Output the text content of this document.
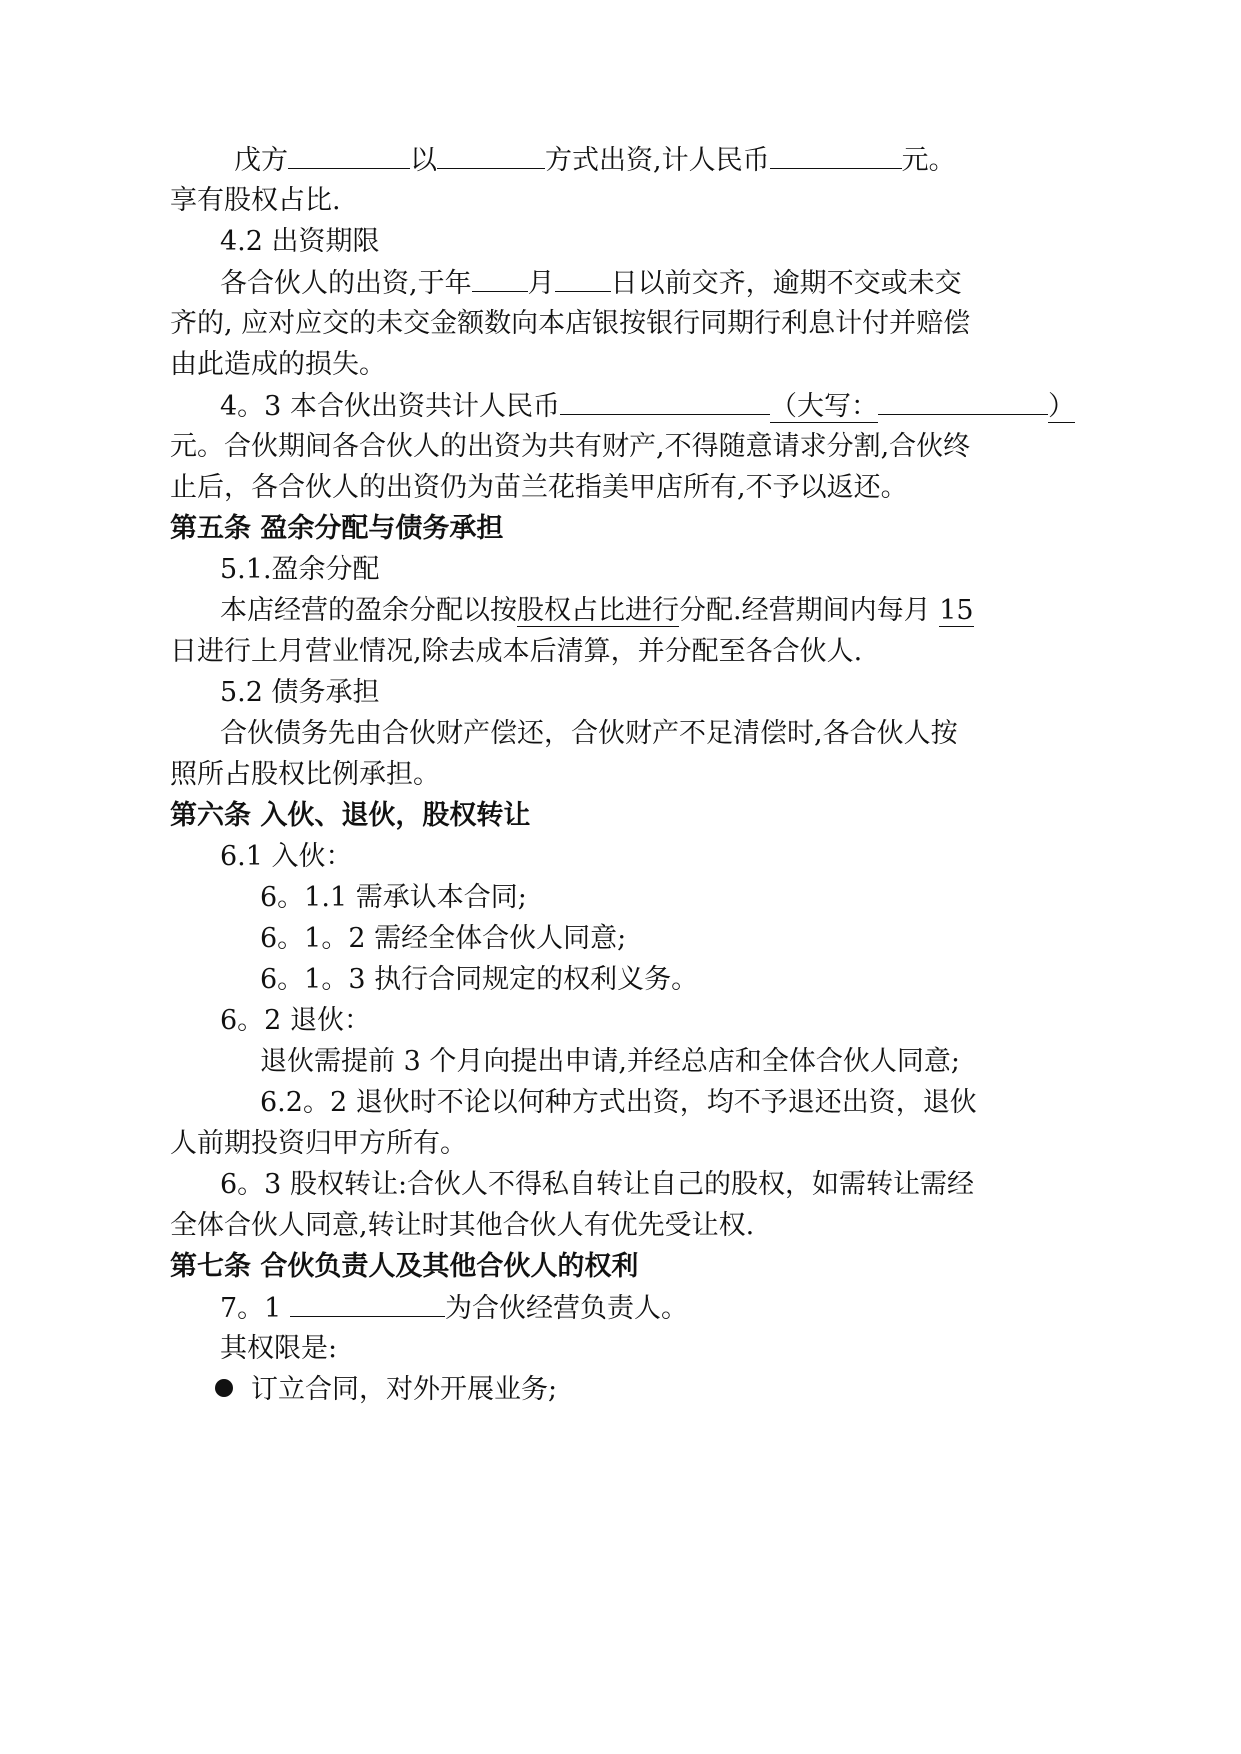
戊方	以	方式出资,计人民币	元。
享有股权占比.
4.2 出资期限
各合伙人的出资,于年 月 日以前交齐，逾期不交或未交
齐的, 应对应交的未交金额数向本店银按银行同期行利息计付并赔偿
由此造成的损失。
4。3 本合伙出资共计人民币	（大写：	）
元。合伙期间各合伙人的出资为共有财产,不得随意请求分割,合伙终
止后，各合伙人的出资仍为苗兰花指美甲店所有,不予以返还。
第五条 盈余分配与债务承担
5.1.盈余分配
本店经营的盈余分配以按股权占比进行分配.经营期间内每月 15
日进行上月营业情况,除去成本后清算，并分配至各合伙人.
5.2 债务承担
合伙债务先由合伙财产偿还，合伙财产不足清偿时,各合伙人按
照所占股权比例承担。
第六条 入伙、退伙，股权转让
6.1 入伙：
6。1.1 需承认本合同;
6。1。2 需经全体合伙人同意;
6。1。3 执行合同规定的权利义务。
6。2 退伙：
退伙需提前 3 个月向提出申请,并经总店和全体合伙人同意;
6.2。2 退伙时不论以何种方式出资，均不予退还出资，退伙
人前期投资归甲方所有。
6。3 股权转让:合伙人不得私自转让自己的股权，如需转让需经
全体合伙人同意,转让时其他合伙人有优先受让权.
第七条 合伙负责人及其他合伙人的权利
7。1	为合伙经营负责人。
其权限是:
订立合同，对外开展业务;
